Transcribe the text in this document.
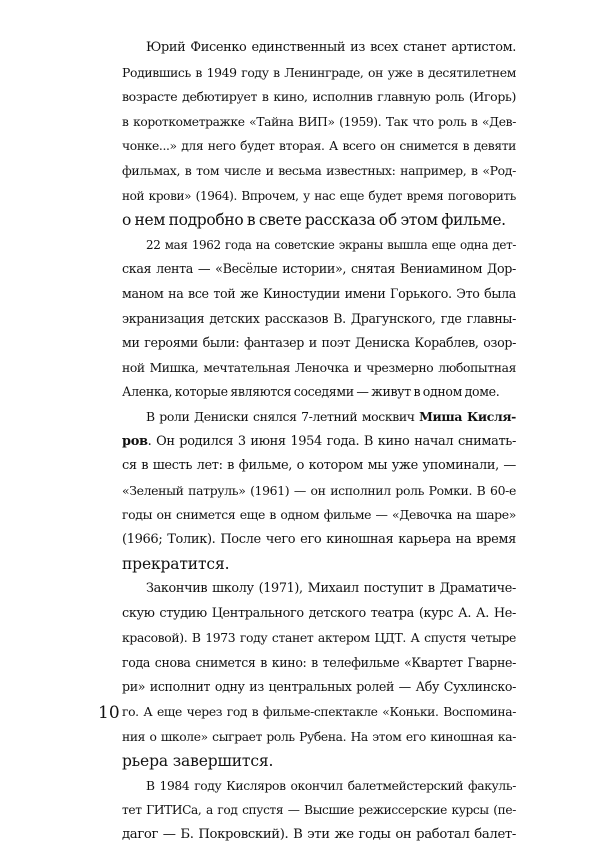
Юрий Фисенко единственный из всех станет артистом.
Родившись в 1949 году в Ленинграде, он уже в десятилетнем
возрасте дебютирует в кино, исполнив главную роль (Игорь)
в короткометражке «Тайна ВИП» (1959). Так что роль в «Дев-
чонке...» для него будет вторая. А всего он снимется в девяти
фильмах, в том числе и весьма известных: например, в «Род-
ной крови» (1964). Впрочем, у нас еще будет время поговорить
о нем подробно в свете рассказа об этом фильме.

22 мая 1962 года на советские экраны вышла еще одна дет-
ская лента — «Весёлые истории», снятая Вениамином Дор-
маном на все той же Киностудии имени Горького. Это была
экранизация детских рассказов В. Драгунского, где главны-
ми героями были: фантазер и поэт Дениска Кораблев, озор-
ной Мишка, мечтательная Леночка и чрезмерно любопытная
Аленка, которые являются соседями — живут в одном доме.

В роли Дениски снялся 7-летний москвич Миша Кисля-
ров. Он родился 3 июня 1954 года. В кино начал снимать-
ся в шесть лет: в фильме, о котором мы уже упоминали, —
«Зеленый патруль» (1961) — он исполнил роль Ромки. В 60-е
годы он снимется еще в одном фильме — «Девочка на шаре»
(1966; Толик). После чего его киношная карьера на время
прекратится.

Закончив школу (1971), Михаил поступит в Драматиче-
скую студию Центрального детского театра (курс А. А. Не-
красовой). В 1973 году станет актером ЦДТ. А спустя четыре
года снова снимется в кино: в телефильме «Квартет Гварне-
ри» исполнит одну из центральных ролей — Абу Сухлинско-
го. А еще через год в фильме-спектакле «Коньки. Воспомина-
ния о школе» сыграет роль Рубена. На этом его киношная ка-
рьера завершится.

В 1984 году Кисляров окончил балетмейстерский факуль-
тет ГИТИСа, а год спустя — Высшие режиссерские курсы (пе-
дагог — Б. Покровский). В эти же годы он работал балет-

10
